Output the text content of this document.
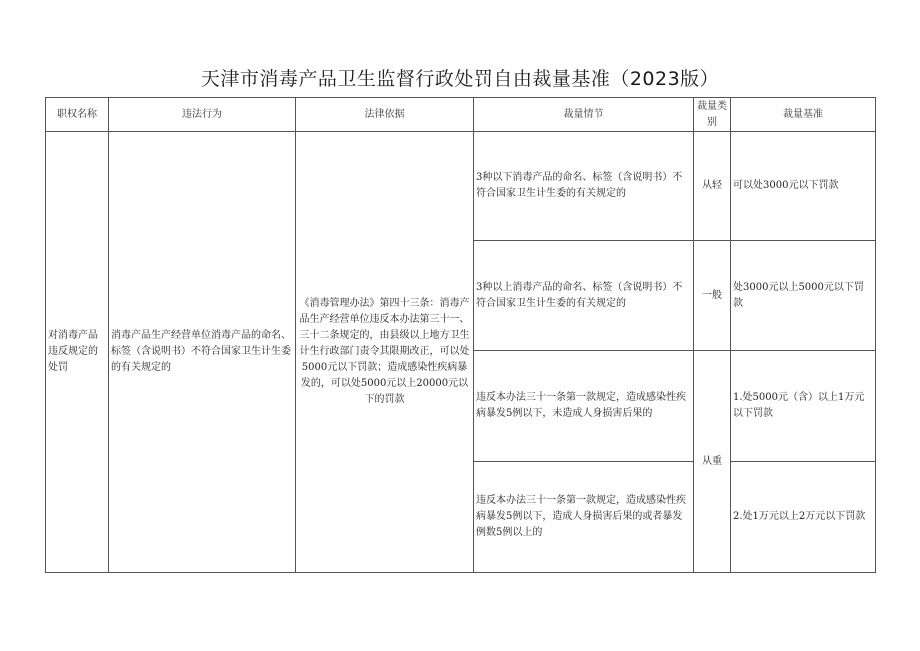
天津市消毒产品卫生监督行政处罚自由裁量基准（2023版）
职权名称	违法行为	法律依据	裁量情节	裁量类别	裁量基准
对消毒产品违反规定的处罚	消毒产品生产经营单位消毒产品的命名、标签（含说明书）不符合国家卫生计生委的有关规定的	《消毒管理办法》第四十三条：消毒产品生产经营单位违反本办法第三十一、三十二条规定的，由县级以上地方卫生计生行政部门责令其限期改正，可以处5000元以下罚款；造成感染性疾病暴发的，可以处5000元以上20000元以下的罚款	3种以下消毒产品的命名、标签（含说明书）不符合国家卫生计生委的有关规定的	从轻	可以处3000元以下罚款
			3种以上消毒产品的命名、标签（含说明书）不符合国家卫生计生委的有关规定的	一般	处3000元以上5000元以下罚款
			违反本办法三十一条第一款规定，造成感染性疾病暴发5例以下，未造成人身损害后果的	从重	1.处5000元（含）以上1万元以下罚款
			违反本办法三十一条第一款规定，造成感染性疾病暴发5例以下，造成人身损害后果的或者暴发例数5例以上的		2.处1万元以上2万元以下罚款
